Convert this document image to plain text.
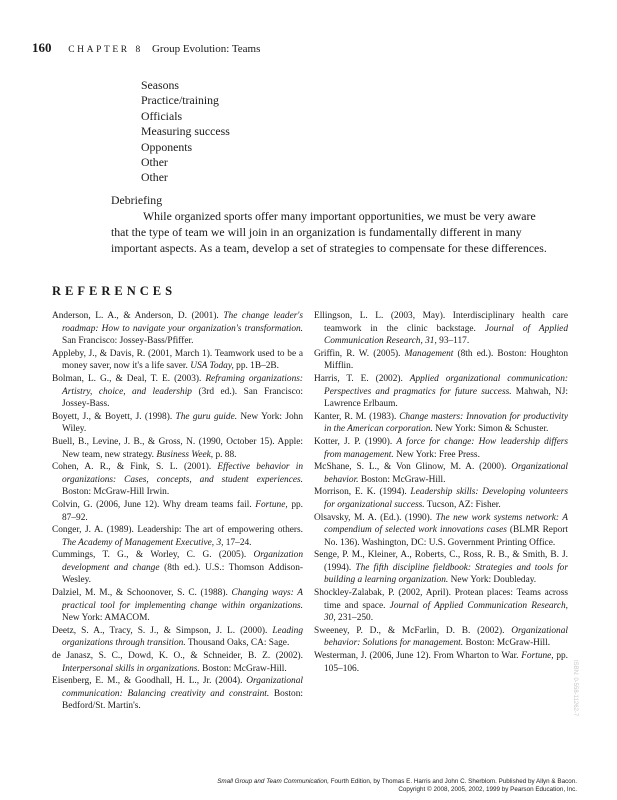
160 CHAPTER 8 Group Evolution: Teams
Seasons
Practice/training
Officials
Measuring success
Opponents
Other
Other
Debriefing
While organized sports offer many important opportunities, we must be very aware
that the type of team we will join in an organization is fundamentally different in many
important aspects. As a team, develop a set of strategies to compensate for these differences.
REFERENCES

Anderson, L. A., & Anderson, D. (2001). The change leader's roadmap: How to navigate your organization's transformation. San Francisco: Jossey-Bass/Pfiffer.

Appleby, J., & Davis, R. (2001, March 1). Teamwork used to be a money saver, now it's a life saver. USA Today, pp. 1B–2B.

Bolman, L. G., & Deal, T. E. (2003). Reframing organizations: Artistry, choice, and leadership (3rd ed.). San Francisco: Jossey-Bass.

Boyett, J., & Boyett, J. (1998). The guru guide. New York: John Wiley.

Buell, B., Levine, J. B., & Gross, N. (1990, October 15). Apple: New team, new strategy. Business Week, p. 88.

Cohen, A. R., & Fink, S. L. (2001). Effective behavior in organizations: Cases, concepts, and student experiences. Boston: McGraw-Hill Irwin.

Colvin, G. (2006, June 12). Why dream teams fail. Fortune, pp. 87–92.

Conger, J. A. (1989). Leadership: The art of empowering others. The Academy of Management Executive, 3, 17–24.

Cummings, T. G., & Worley, C. G. (2005). Organization development and change (8th ed.). U.S.: Thomson Addison-Wesley.

Dalziel, M. M., & Schoonover, S. C. (1988). Changing ways: A practical tool for implementing change within organizations. New York: AMACOM.

Deetz, S. A., Tracy, S. J., & Simpson, J. L. (2000). Leading organizations through transition. Thousand Oaks, CA: Sage.

de Janasz, S. C., Dowd, K. O., & Schneider, B. Z. (2002). Interpersonal skills in organizations. Boston: McGraw-Hill.

Eisenberg, E. M., & Goodhall, H. L., Jr. (2004). Organizational communication: Balancing creativity and constraint. Boston: Bedford/St. Martin's.

Ellingson, L. L. (2003, May). Interdisciplinary health care teamwork in the clinic backstage. Journal of Applied Communication Research, 31, 93–117.

Griffin, R. W. (2005). Management (8th ed.). Boston: Houghton Mifflin.

Harris, T. E. (2002). Applied organizational communication: Perspectives and pragmatics for future success. Mahwah, NJ: Lawrence Erlbaum.

Kanter, R. M. (1983). Change masters: Innovation for productivity in the American corporation. New York: Simon & Schuster.

Kotter, J. P. (1990). A force for change: How leadership differs from management. New York: Free Press.

McShane, S. L., & Von Glinow, M. A. (2000). Organizational behavior. Boston: McGraw-Hill.

Morrison, E. K. (1994). Leadership skills: Developing volunteers for organizational success. Tucson, AZ: Fisher.

Olsavsky, M. A. (Ed.). (1990). The new work systems network: A compendium of selected work innovations cases (BLMR Report No. 136). Washington, DC: U.S. Government Printing Office.

Senge, P. M., Kleiner, A., Roberts, C., Ross, R. B., & Smith, B. J. (1994). The fifth discipline fieldbook: Strategies and tools for building a learning organization. New York: Doubleday.

Shockley-Zalabak, P. (2002, April). Protean places: Teams across time and space. Journal of Applied Communication Research, 30, 231–250.

Sweeney, P. D., & McFarlin, D. B. (2002). Organizational behavior: Solutions for management. Boston: McGraw-Hill.

Westerman, J. (2006, June 12). From Wharton to War. Fortune, pp. 105–106.	ISBN: 0-558-11262-7
Small Group and Team Communication, Fourth Edition, by Thomas E. Harris and John C. Sherblom. Published by Allyn & Bacon.
Copyright © 2008, 2005, 2002, 1999 by Pearson Education, Inc.
